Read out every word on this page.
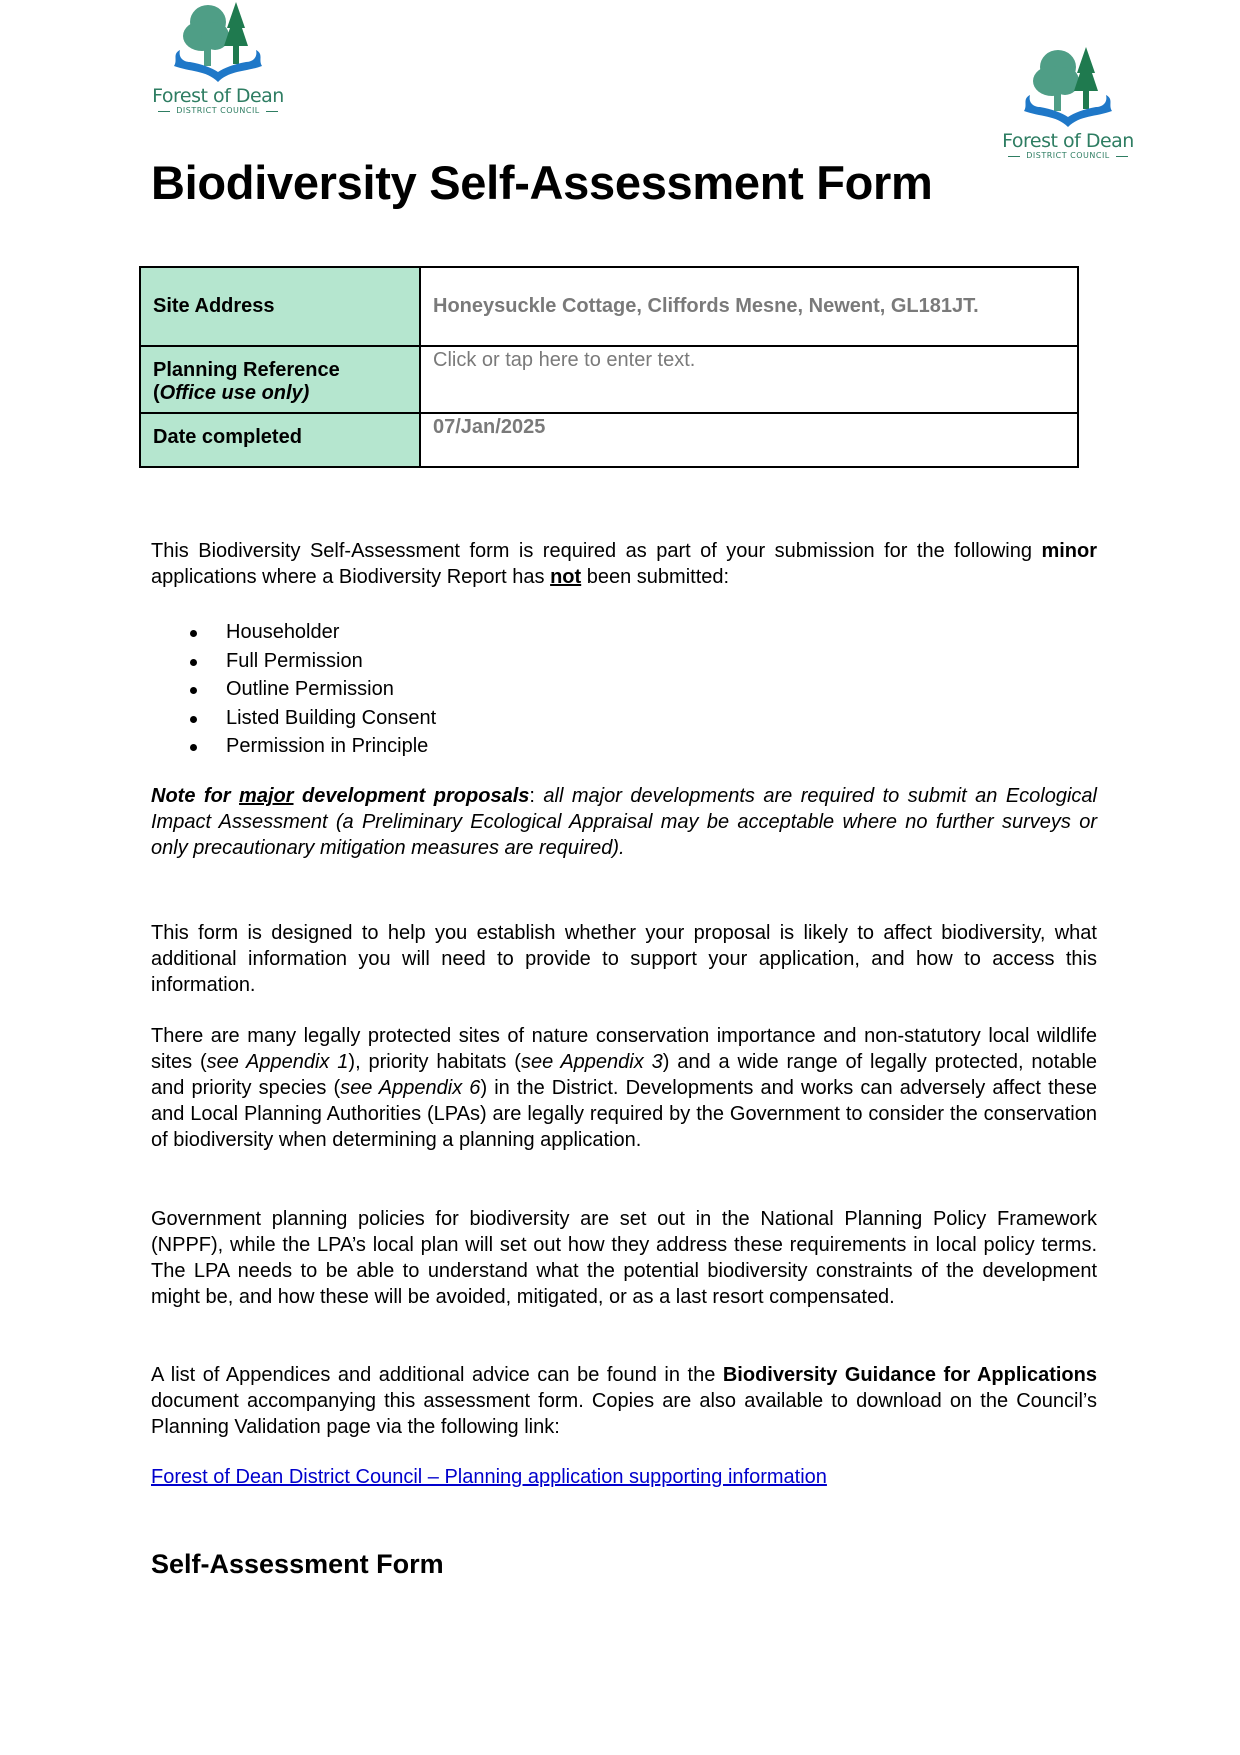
Forest of Dean
DISTRICT COUNCIL
Forest of Dean
DISTRICT COUNCIL
Biodiversity Self-Assessment Form
Site Address	Honeysuckle Cottage, Cliffords Mesne, Newent, GL181JT.

Planning Reference
(Office use only)	Click or tap here to enter text.

Date completed	07/Jan/2025
This Biodiversity Self-Assessment form is required as part of your submission for the following minor applications where a Biodiversity Report has not been submitted:
Householder
Full Permission
Outline Permission
Listed Building Consent
Permission in Principle
Note for major development proposals: all major developments are required to submit an Ecological Impact Assessment (a Preliminary Ecological Appraisal may be acceptable where no further surveys or only precautionary mitigation measures are required).
This form is designed to help you establish whether your proposal is likely to affect biodiversity, what additional information you will need to provide to support your application, and how to access this information.
There are many legally protected sites of nature conservation importance and non-statutory local wildlife sites (see Appendix 1), priority habitats (see Appendix 3) and a wide range of legally protected, notable and priority species (see Appendix 6) in the District. Developments and works can adversely affect these and Local Planning Authorities (LPAs) are legally required by the Government to consider the conservation of biodiversity when determining a planning application.
Government planning policies for biodiversity are set out in the National Planning Policy Framework (NPPF), while the LPA’s local plan will set out how they address these requirements in local policy terms. The LPA needs to be able to understand what the potential biodiversity constraints of the development might be, and how these will be avoided, mitigated, or as a last resort compensated.
A list of Appendices and additional advice can be found in the Biodiversity Guidance for Applications document accompanying this assessment form. Copies are also available to download on the Council’s Planning Validation page via the following link:
Forest of Dean District Council – Planning application supporting information
Self-Assessment Form
